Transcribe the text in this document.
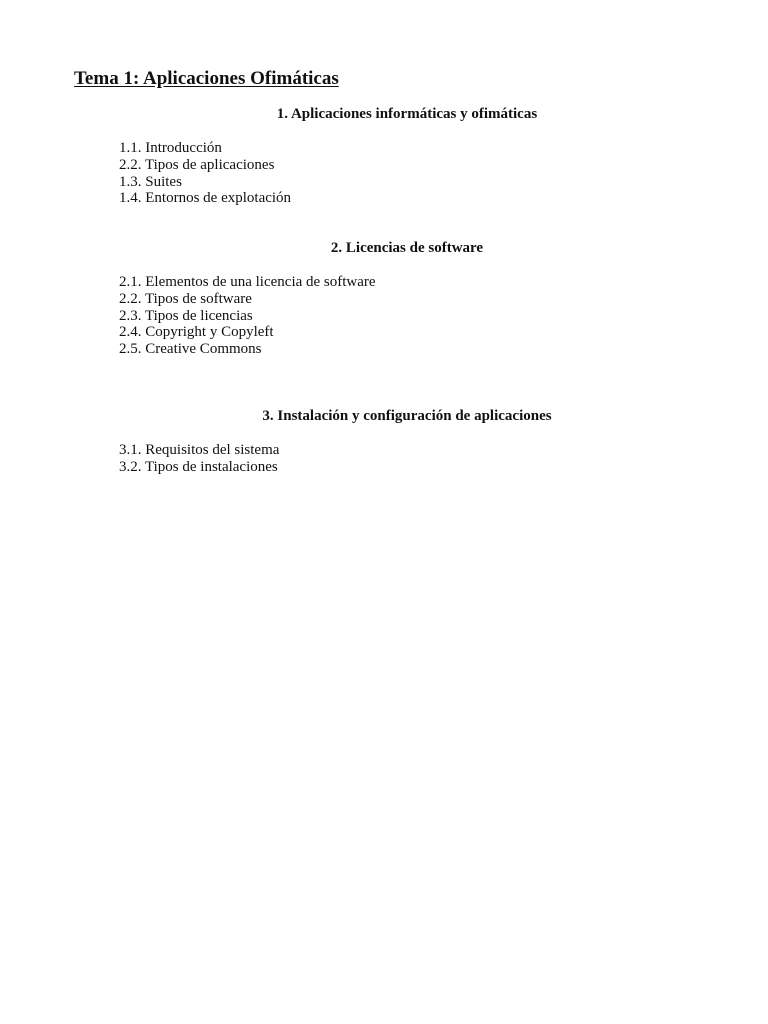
Tema 1: Aplicaciones Ofimáticas
1. Aplicaciones informáticas y ofimáticas
1.1. Introducción
2.2. Tipos de aplicaciones
1.3. Suites
1.4. Entornos de explotación
2. Licencias de software
2.1. Elementos de una licencia de software
2.2. Tipos de software
2.3. Tipos de licencias
2.4. Copyright y Copyleft
2.5. Creative Commons
3. Instalación y configuración de aplicaciones
3.1. Requisitos del sistema
3.2. Tipos de instalaciones
